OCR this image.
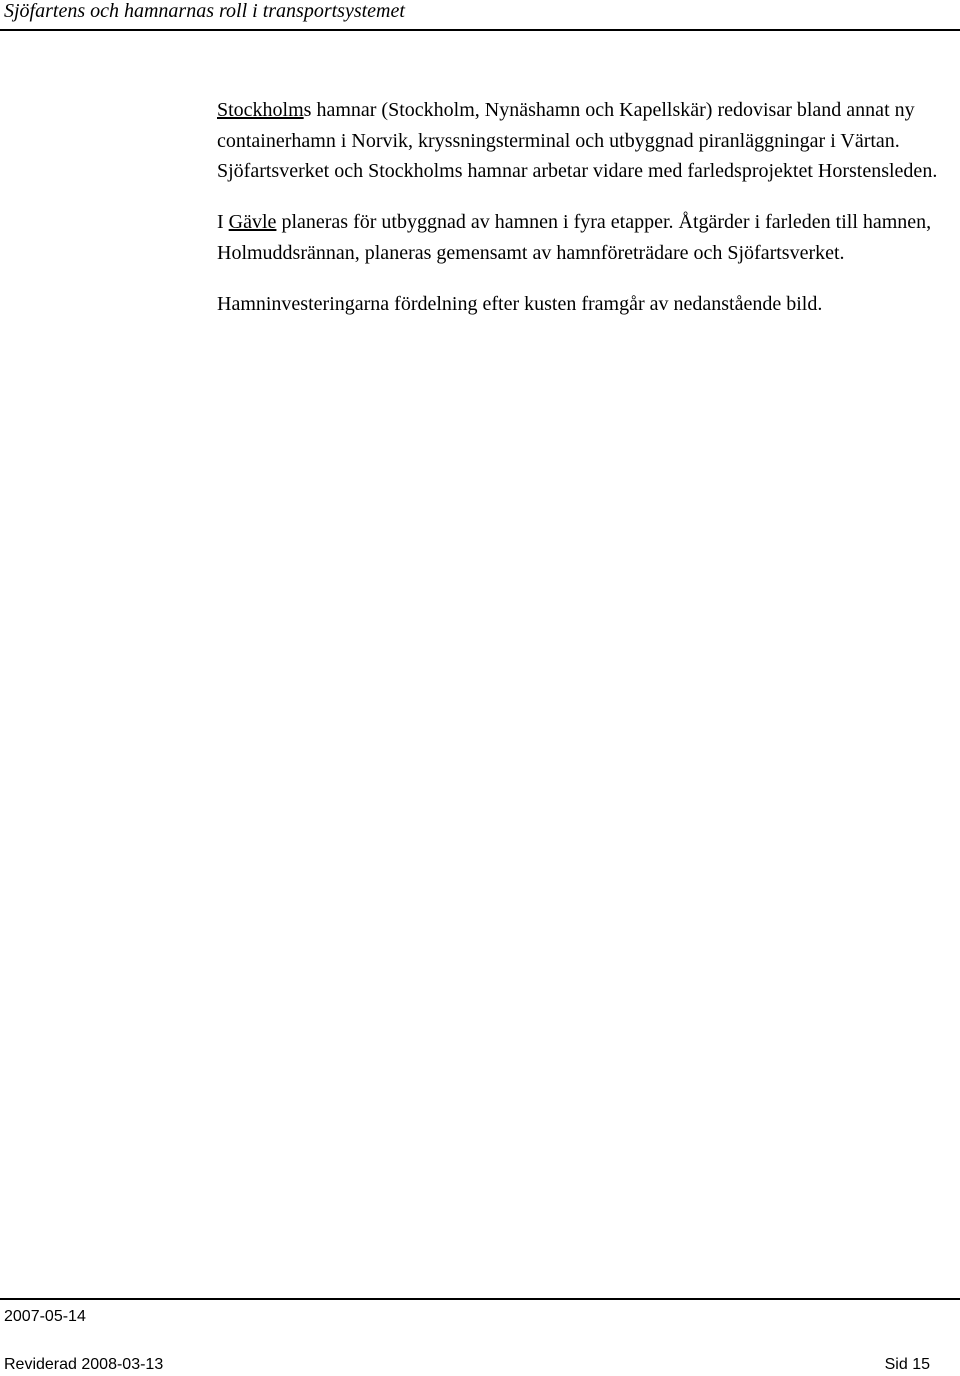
Sjöfartens och hamnarnas roll i transportsystemet

Stockholms hamnar (Stockholm, Nynäshamn och Kapellskär) redovisar bland annat ny containerhamn i Norvik, kryssningsterminal och utbyggnad piranläggningar i Värtan. Sjöfartsverket och Stockholms hamnar arbetar vidare med farledsprojektet Horstensleden.

I Gävle planeras för utbyggnad av hamnen i fyra etapper. Åtgärder i farleden till hamnen, Holmuddsrännan, planeras gemensamt av hamnföreträdare och Sjöfartsverket.

Hamninvesteringarna fördelning efter kusten framgår av nedanstående bild.

2007-05-14
Reviderad 2008-03-13	Sid 15
